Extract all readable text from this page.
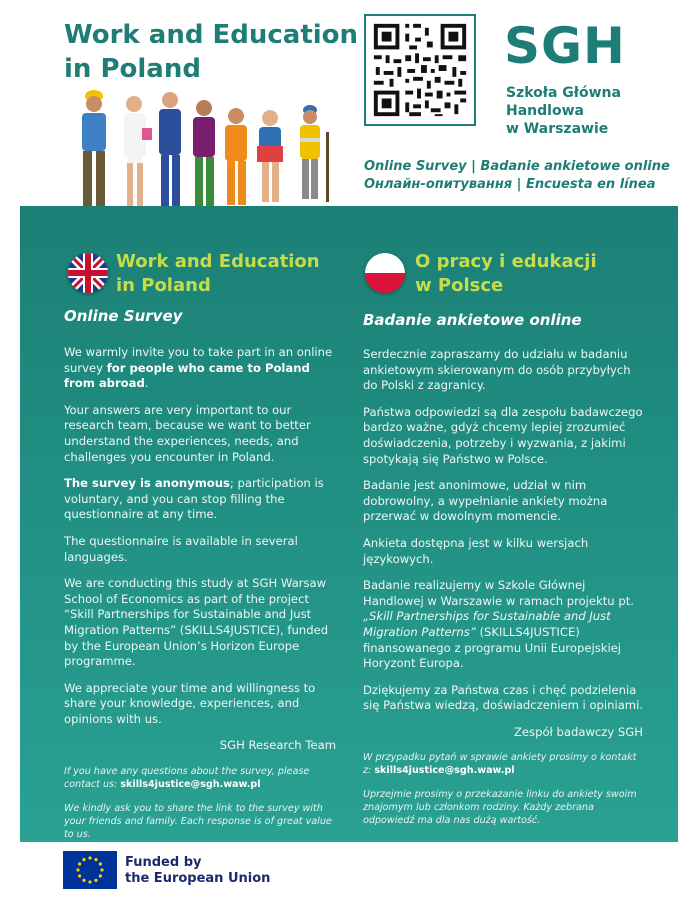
Work and Education in Poland	SGH
Szkoła Główna
Handlowa
w Warszawie
Online Survey | Badanie ankietowe online
Онлайн-опитування | Encuesta en línea
Work and Education
in Poland
Online Survey

We warmly invite you to take part in an online survey for people who came to Poland from abroad.

Your answers are very important to our research team, because we want to better understand the experiences, needs, and challenges you encounter in Poland.

The survey is anonymous; participation is voluntary, and you can stop filling the questionnaire at any time.

The questionnaire is available in several languages.

We are conducting this study at SGH Warsaw School of Economics as part of the project “Skill Partnerships for Sustainable and Just Migration Patterns” (SKILLS4JUSTICE), funded by the European Union’s Horizon Europe programme.

We appreciate your time and willingness to share your knowledge, experiences, and opinions with us.

SGH Research Team

If you have any questions about the survey, please contact us: skills4justice@sgh.waw.pl

We kindly ask you to share the link to the survey with your friends and family. Each response is of great value to us.

O pracy i edukacji
w Polsce
Badanie ankietowe online

Serdecznie zapraszamy do udziału w badaniu ankietowym skierowanym do osób przybyłych do Polski z zagranicy.

Państwa odpowiedzi są dla zespołu badawczego bardzo ważne, gdyż chcemy lepiej zrozumieć doświadczenia, potrzeby i wyzwania, z jakimi spotykają się Państwo w Polsce.

Badanie jest anonimowe, udział w nim dobrowolny, a wypełnianie ankiety można przerwać w dowolnym momencie.

Ankieta dostępna jest w kilku wersjach językowych.

Badanie realizujemy w Szkole Głównej Handlowej w Warszawie w ramach projektu pt. „Skill Partnerships for Sustainable and Just Migration Patterns” (SKILLS4JUSTICE) finansowanego z programu Unii Europejskiej Horyzont Europa.

Dziękujemy za Państwa czas i chęć podzielenia się Państwa wiedzą, doświadczeniem i opiniami.

Zespół badawczy SGH

W przypadku pytań w sprawie ankiety prosimy o kontakt z: skills4justice@sgh.waw.pl

Uprzejmie prosimy o przekazanie linku do ankiety swoim znajomym lub członkom rodziny. Każdy zebrana odpowiedź ma dla nas dużą wartość.

Funded by
the European Union
